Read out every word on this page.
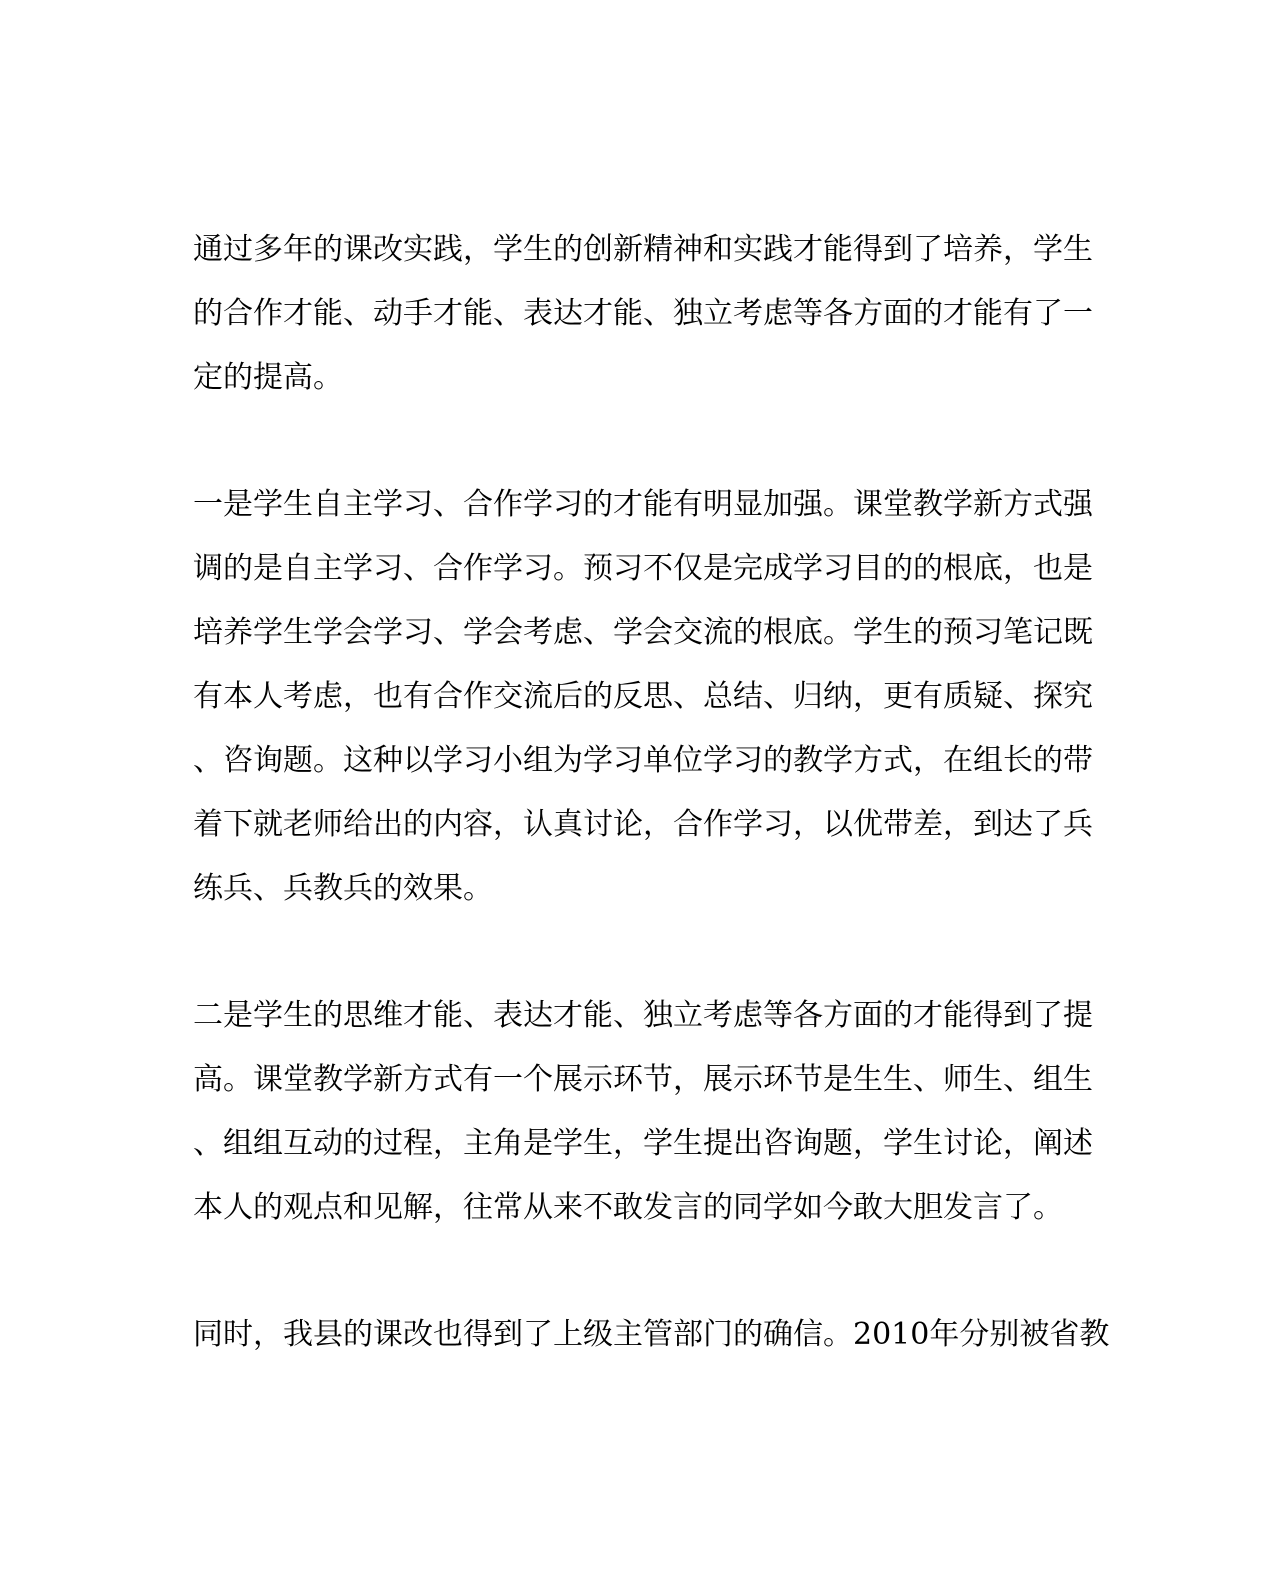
通过多年的课改实践，学生的创新精神和实践才能得到了培养，学生
的合作才能、动手才能、表达才能、独立考虑等各方面的才能有了一
定的提高。
一是学生自主学习、合作学习的才能有明显加强。课堂教学新方式强
调的是自主学习、合作学习。预习不仅是完成学习目的的根底，也是
培养学生学会学习、学会考虑、学会交流的根底。学生的预习笔记既
有本人考虑，也有合作交流后的反思、总结、归纳，更有质疑、探究
、咨询题。这种以学习小组为学习单位学习的教学方式，在组长的带
着下就老师给出的内容，认真讨论，合作学习，以优带差，到达了兵
练兵、兵教兵的效果。
二是学生的思维才能、表达才能、独立考虑等各方面的才能得到了提
高。课堂教学新方式有一个展示环节，展示环节是生生、师生、组生
、组组互动的过程，主角是学生，学生提出咨询题，学生讨论，阐述
本人的观点和见解，往常从来不敢发言的同学如今敢大胆发言了。
同时，我县的课改也得到了上级主管部门的确信。2010年分别被省教
